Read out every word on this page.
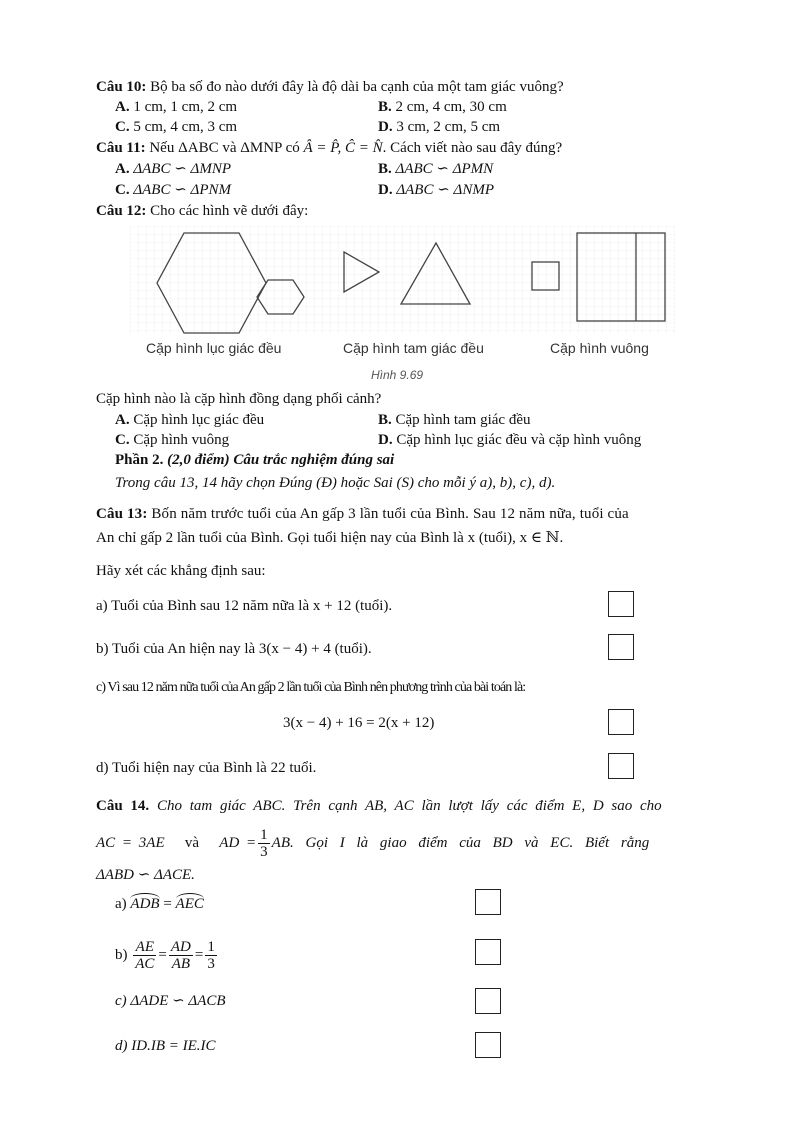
Câu 10: Bộ ba số đo nào dưới đây là độ dài ba cạnh của một tam giác vuông?
A. 1 cm, 1 cm, 2 cm	B. 2 cm, 4 cm, 30 cm
C. 5 cm, 4 cm, 3 cm	D. 3 cm, 2 cm, 5 cm
Câu 11: Nếu ΔABC và ΔMNP có Â = P̂, Ĉ = N̂. Cách viết nào sau đây đúng?
A. ΔABC ∽ ΔMNP	B. ΔABC ∽ ΔPMN
C. ΔABC ∽ ΔPNM	D. ΔABC ∽ ΔNMP
Câu 12: Cho các hình vẽ dưới đây:
Cặp hình lục giác đều	Cặp hình tam giác đều	Cặp hình vuông
Hình 9.69
Cặp hình nào là cặp hình đồng dạng phối cảnh?
A. Cặp hình lục giác đều	B. Cặp hình tam giác đều
C. Cặp hình vuông	D. Cặp hình lục giác đều và cặp hình vuông
Phần 2. (2,0 điểm) Câu trắc nghiệm đúng sai
Trong câu 13, 14 hãy chọn Đúng (Đ) hoặc Sai (S) cho mỗi ý a), b), c), d).
Câu 13: Bốn năm trước tuổi của An gấp 3 lần tuổi của Bình. Sau 12 năm nữa, tuổi của
An chỉ gấp 2 lần tuổi của Bình. Gọi tuổi hiện nay của Bình là x (tuổi), x ∈ ℕ.
Hãy xét các khẳng định sau:
a) Tuổi của Bình sau 12 năm nữa là x + 12 (tuổi).
b) Tuổi của An hiện nay là 3(x − 4) + 4 (tuổi).
c) Vì sau 12 năm nữa tuổi của An gấp 2 lần tuổi của Bình nên phương trình của bài toán là:
3(x − 4) + 16 = 2(x + 12)
d) Tuổi hiện nay của Bình là 22 tuổi.
Câu 14. Cho tam giác ABC. Trên cạnh AB, AC lần lượt lấy các điểm E, D sao cho
AC = 3AE
và
AD = $\frac{1}{3}$ AB. Gọi I là giao điểm của BD và EC. Biết rằng
ΔABD ∽ ΔACE.
a) ADB = AEC
b)
$\frac{AE}{AC} = \frac{AD}{AB} = \frac{1}{3}$
c) ΔADE ∽ ΔACB
d) ID.IB = IE.IC
